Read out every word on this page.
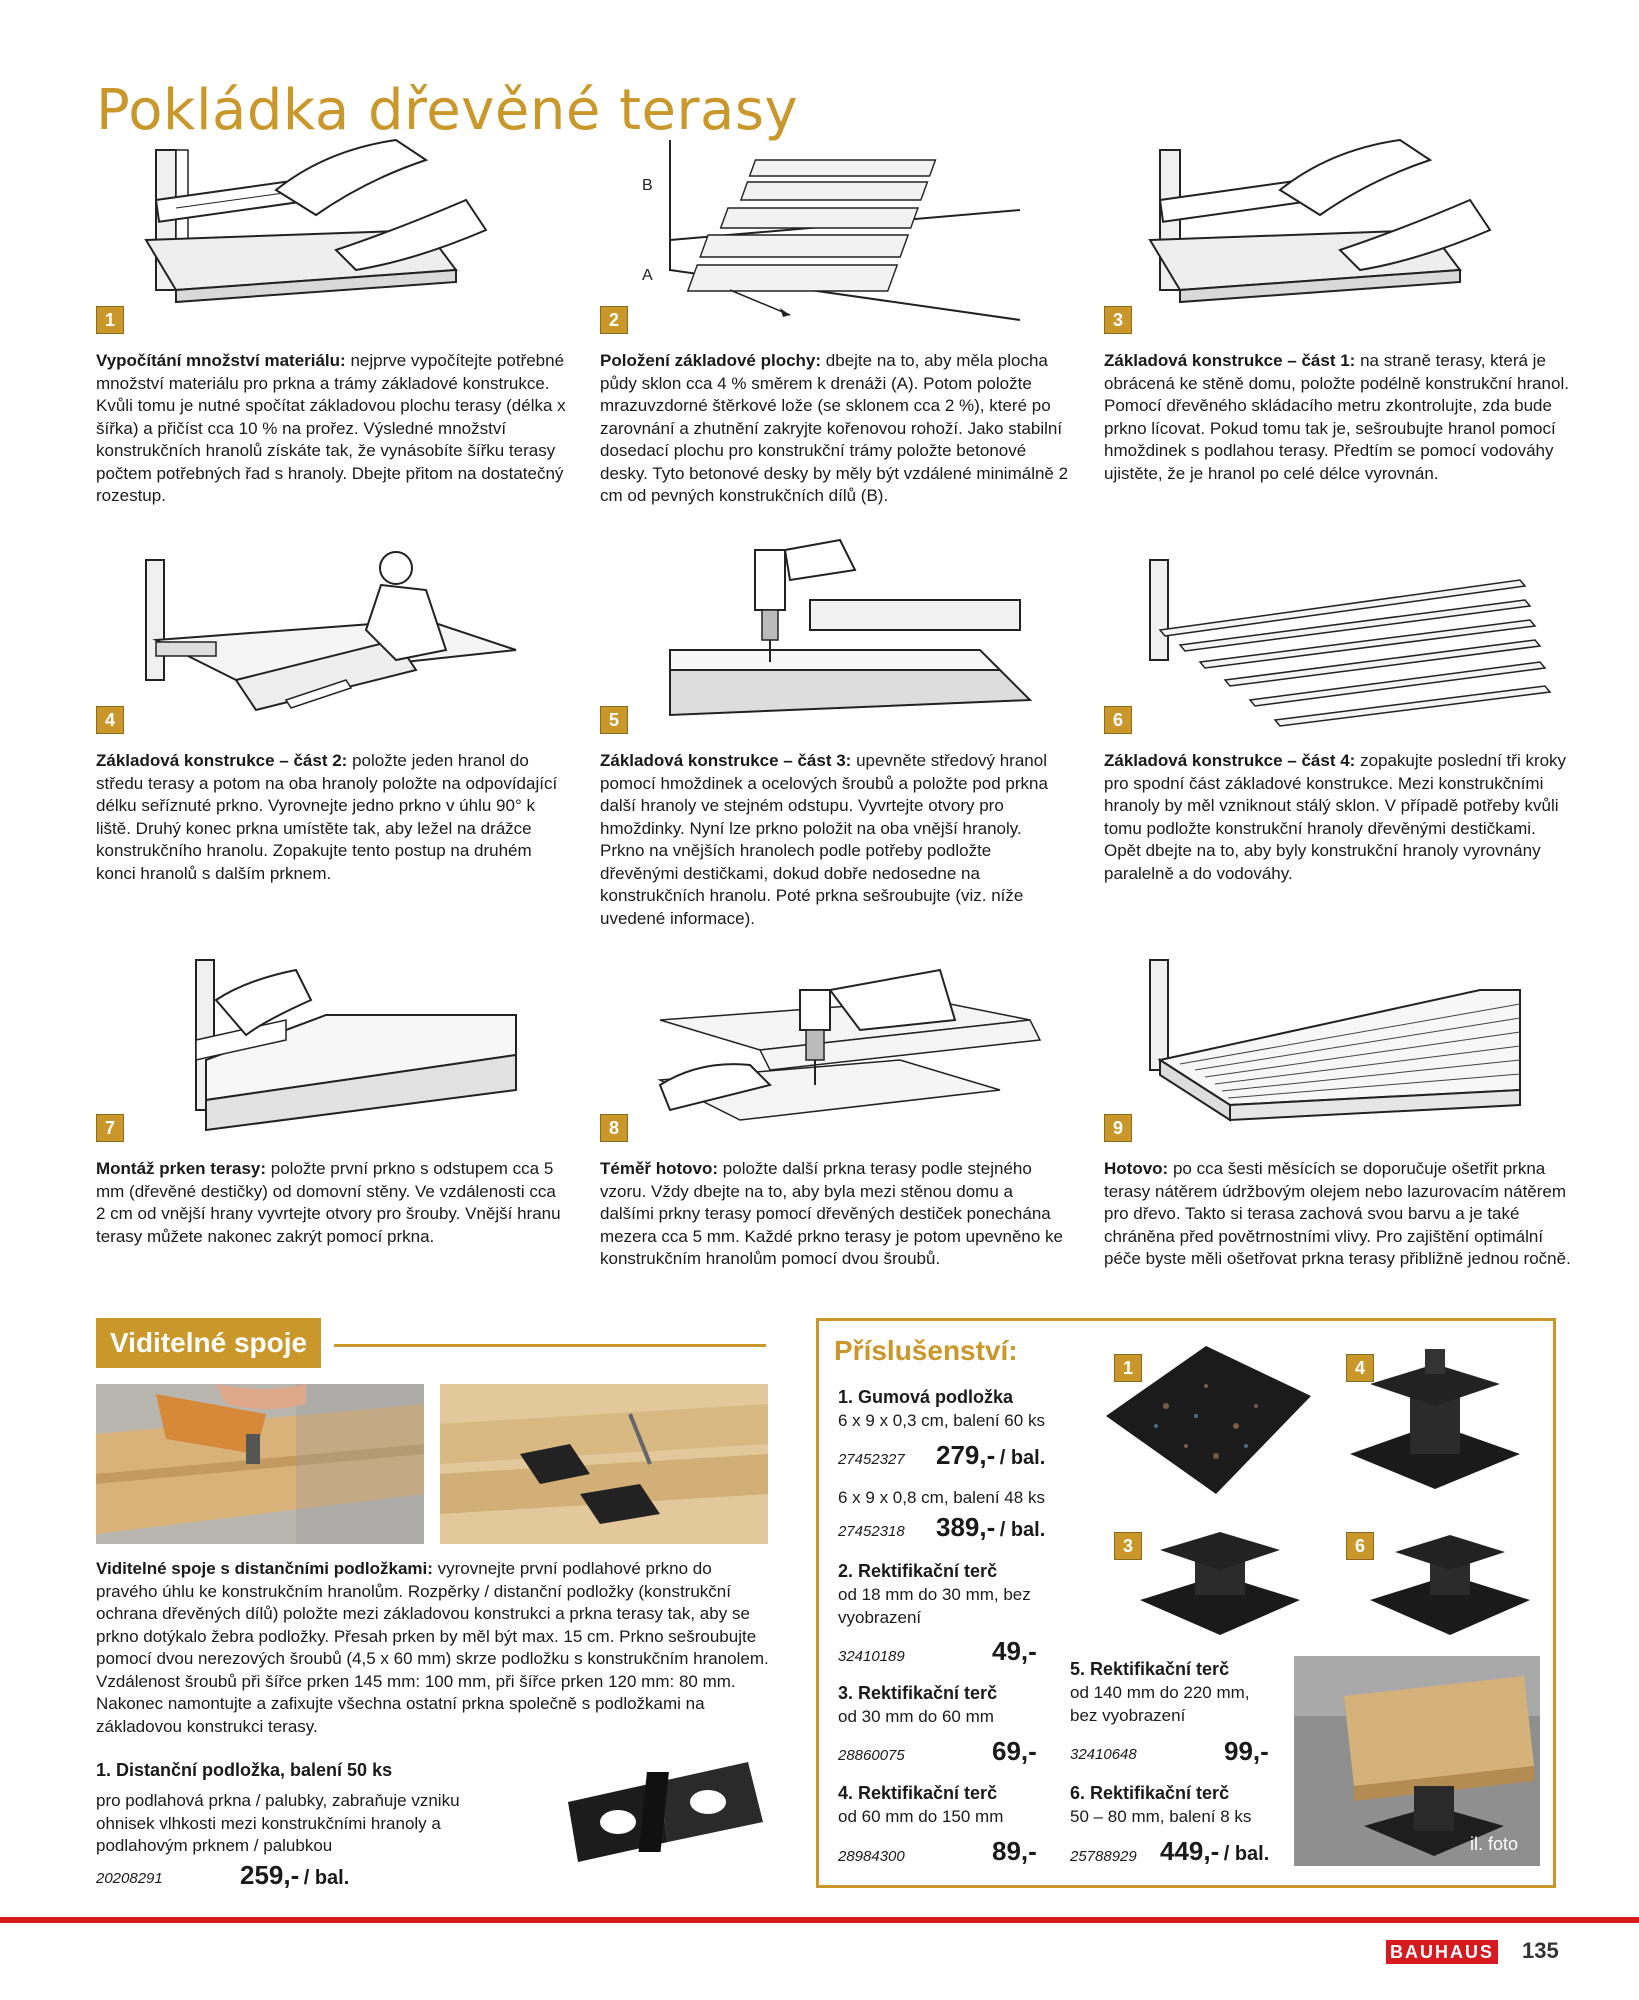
Pokládka dřevěné terasy
B
A
1	2	3
Vypočítání množství materiálu: nejprve vypočítejte potřebné množství materiálu pro prkna a trámy základové konstrukce. Kvůli tomu je nutné spočítat základovou plochu terasy (délka x šířka) a přičíst cca 10 % na prořez. Výsledné množství konstrukčních hranolů získáte tak, že vynásobíte šířku terasy počtem potřebných řad s hranoly. Dbejte přitom na dostatečný rozestup.
Položení základové plochy: dbejte na to, aby měla plocha půdy sklon cca 4 % směrem k drenáži (A). Potom položte mrazuvzdorné štěrkové lože (se sklonem cca 2 %), které po zarovnání a zhutnění zakryjte kořenovou rohoží. Jako stabilní dosedací plochu pro konstrukční trámy položte betonové desky. Tyto betonové desky by měly být vzdálené minimálně 2 cm od pevných konstrukčních dílů (B).
Základová konstrukce – část 1: na straně terasy, která je obrácená ke stěně domu, položte podélně konstrukční hranol. Pomocí dřevěného skládacího metru zkontrolujte, zda bude prkno lícovat. Pokud tomu tak je, sešroubujte hranol pomocí hmoždinek s podlahou terasy. Předtím se pomocí vodováhy ujistěte, že je hranol po celé délce vyrovnán.
4	5	6
Základová konstrukce – část 2: položte jeden hranol do středu terasy a potom na oba hranoly položte na odpovídající délku seříznuté prkno. Vyrovnejte jedno prkno v úhlu 90° k liště. Druhý konec prkna umístěte tak, aby ležel na drážce konstrukčního hranolu. Zopakujte tento postup na druhém konci hranolů s dalším prknem.
Základová konstrukce – část 3: upevněte středový hranol pomocí hmoždinek a ocelových šroubů a položte pod prkna další hranoly ve stejném odstupu. Vyvrtejte otvory pro hmoždinky. Nyní lze prkno položit na oba vnější hranoly. Prkno na vnějších hranolech podle potřeby podložte dřevěnými destičkami, dokud dobře nedosedne na konstrukčních hranolu. Poté prkna sešroubujte (viz. níže uvedené informace).
Základová konstrukce – část 4: zopakujte poslední tři kroky pro spodní část základové konstrukce. Mezi konstrukčními hranoly by měl vzniknout stálý sklon. V případě potřeby kvůli tomu podložte konstrukční hranoly dřevěnými destičkami. Opět dbejte na to, aby byly konstrukční hranoly vyrovnány paralelně a do vodováhy.
7	8	9
Montáž prken terasy: položte první prkno s odstupem cca 5 mm (dřevěné destičky) od domovní stěny. Ve vzdálenosti cca 2 cm od vnější hrany vyvrtejte otvory pro šrouby. Vnější hranu terasy můžete nakonec zakrýt pomocí prkna.
Téměř hotovo: položte další prkna terasy podle stejného vzoru. Vždy dbejte na to, aby byla mezi stěnou domu a dalšími prkny terasy pomocí dřevěných destiček ponechána mezera cca 5 mm. Každé prkno terasy je potom upevněno ke konstrukčním hranolům pomocí dvou šroubů.
Hotovo: po cca šesti měsících se doporučuje ošetřit prkna terasy nátěrem údržbovým olejem nebo lazurovacím nátěrem pro dřevo. Takto si terasa zachová svou barvu a je také chráněna před povětrnostními vlivy. Pro zajištění optimální péče byste měli ošetřovat prkna terasy přibližně jednou ročně.
Viditelné spoje
Viditelné spoje s distančními podložkami: vyrovnejte první podlahové prkno do pravého úhlu ke konstrukčním hranolům. Rozpěrky / distanční podložky (konstrukční ochrana dřevěných dílů) položte mezi základovou konstrukci a prkna terasy tak, aby se prkno dotýkalo žebra podložky. Přesah prken by měl být max. 15 cm. Prkno sešroubujte pomocí dvou nerezových šroubů (4,5 x 60 mm) skrze podložku s konstrukčním hranolem. Vzdálenost šroubů při šířce prken 145 mm: 100 mm, při šířce prken 120 mm: 80 mm. Nakonec namontujte a zafixujte všechna ostatní prkna společně s podložkami na základovou konstrukci terasy.
1. Distanční podložka, balení 50 ks
pro podlahová prkna / palubky, zabraňuje vzniku ohnisek vlhkosti mezi konstrukčními hranoly a podlahovým prknem / palubkou
20208291	259,- / bal.
Příslušenství:
1. Gumová podložka
6 x 9 x 0,3 cm, balení 60 ks
27452327 279,- / bal.
6 x 9 x 0,8 cm, balení 48 ks
27452318 389,- / bal.
2. Rektifikační terč
od 18 mm do 30 mm, bez vyobrazení
32410189	49,-
3. Rektifikační terč
od 30 mm do 60 mm
28860075	69,-
4. Rektifikační terč
od 60 mm do 150 mm
28984300	89,-
5. Rektifikační terč
od 140 mm do 220 mm, bez vyobrazení
32410648	99,-
6. Rektifikační terč
50 – 80 mm, balení 8 ks
25788929 449,- / bal.
1	4
3	6
il. foto
BAUHAUS 135
